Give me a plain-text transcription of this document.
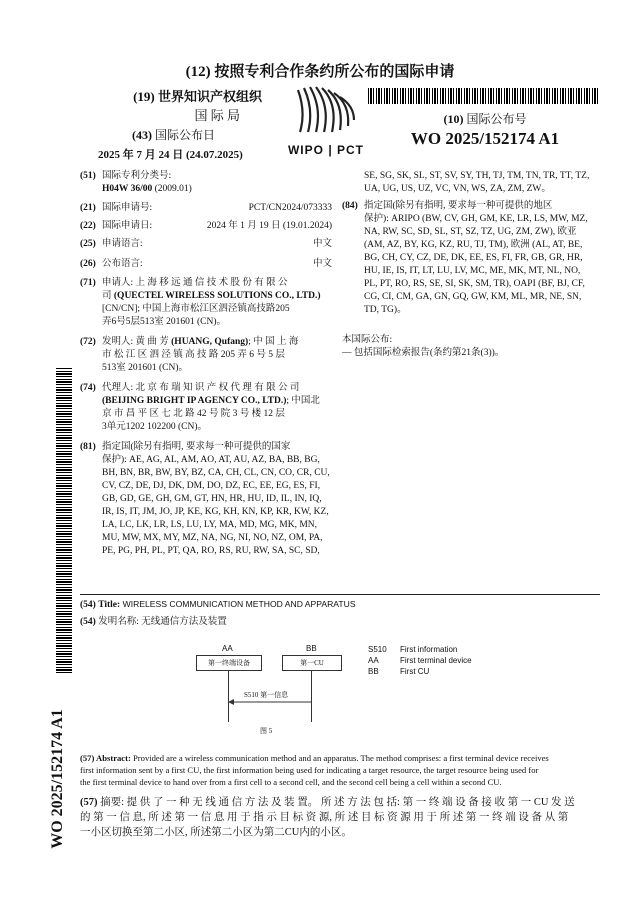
(12) 按照专利合作条约所公布的国际申请
(19) 世界知识产权组织
国 际 局
(43) 国际公布日
2025 年 7 月 24 日 (24.07.2025)	WIPO | PCT
(10) 国际公布号
WO 2025/152174 A1
(51) 国际专利分类号:
H04W 36/00 (2009.01)
(21) 国际申请号:	PCT/CN2024/073333
(22) 国际申请日:	2024 年 1 月 19 日 (19.01.2024)
(25) 申请语言:	中文
(26) 公布语言:	中文
(71) 申请人: 上 海 移 远 通 信 技 术 股 份 有 限 公
司 (QUECTEL WIRELESS SOLUTIONS CO., LTD.)
[CN/CN]; 中国上海市松江区泗泾镇高技路205
弄6号5层513室 201601 (CN)。
(72) 发明人: 黄 曲 芳 (HUANG, Qufang); 中 国 上 海
市 松 江 区 泗 泾 镇 高 技 路 205 弄 6 号 5 层
513室 201601 (CN)。
(74) 代理人: 北 京 布 瑞 知 识 产 权 代 理 有 限 公 司
(BEIJING BRIGHT IP AGENCY CO., LTD.); 中国北
京 市 昌 平 区 七 北 路 42 号 院 3 号 楼 12 层
3单元1202 102200 (CN)。
(81) 指定国(除另有指明, 要求每一种可提供的国家
保护): AE, AG, AL, AM, AO, AT, AU, AZ, BA, BB, BG,
BH, BN, BR, BW, BY, BZ, CA, CH, CL, CN, CO, CR, CU,
CV, CZ, DE, DJ, DK, DM, DO, DZ, EC, EE, EG, ES, FI,
GB, GD, GE, GH, GM, GT, HN, HR, HU, ID, IL, IN, IQ,
IR, IS, IT, JM, JO, JP, KE, KG, KH, KN, KP, KR, KW, KZ,
LA, LC, LK, LR, LS, LU, LY, MA, MD, MG, MK, MN,
MU, MW, MX, MY, MZ, NA, NG, NI, NO, NZ, OM, PA,
PE, PG, PH, PL, PT, QA, RO, RS, RU, RW, SA, SC, SD,
SE, SG, SK, SL, ST, SV, SY, TH, TJ, TM, TN, TR, TT, TZ,
UA, UG, US, UZ, VC, VN, WS, ZA, ZM, ZW。
(84) 指定国(除另有指明, 要求每一种可提供的地区
保护): ARIPO (BW, CV, GH, GM, KE, LR, LS, MW, MZ,
NA, RW, SC, SD, SL, ST, SZ, TZ, UG, ZM, ZW), 欧亚
(AM, AZ, BY, KG, KZ, RU, TJ, TM), 欧洲 (AL, AT, BE,
BG, CH, CY, CZ, DE, DK, EE, ES, FI, FR, GB, GR, HR,
HU, IE, IS, IT, LT, LU, LV, MC, ME, MK, MT, NL, NO,
PL, PT, RO, RS, SE, SI, SK, SM, TR), OAPI (BF, BJ, CF,
CG, CI, CM, GA, GN, GQ, GW, KM, ML, MR, NE, SN,
TD, TG)。
本国际公布:
— 包括国际检索报告(条约第21条(3))。
WO 2025/152174 A1
(54) Title: WIRELESS COMMUNICATION METHOD AND APPARATUS
(54) 发明名称: 无线通信方法及装置
AA	BB
第一终端设备	第一CU
S510 第一信息
图 5
S510 First information
AA	First terminal device
BB	First CU
(57) Abstract: Provided are a wireless communication method and an apparatus. The method comprises: a first terminal device receives
first information sent by a first CU, the first information being used for indicating a target resource, the target resource being used for
the first terminal device to hand over from a first cell to a second cell, and the second cell being a cell within a second CU.
(57) 摘要: 提 供 了 一 种 无 线 通 信 方 法 及 装 置。 所 述 方 法 包 括: 第 一 终 端 设 备 接 收 第 一 CU 发 送
的 第 一 信 息, 所 述 第 一 信 息 用 于 指 示 目 标 资 源, 所 述 目 标 资 源 用 于 所 述 第 一 终 端 设 备 从 第
一小区切换至第二小区, 所述第二小区为第二CU内的小区。
